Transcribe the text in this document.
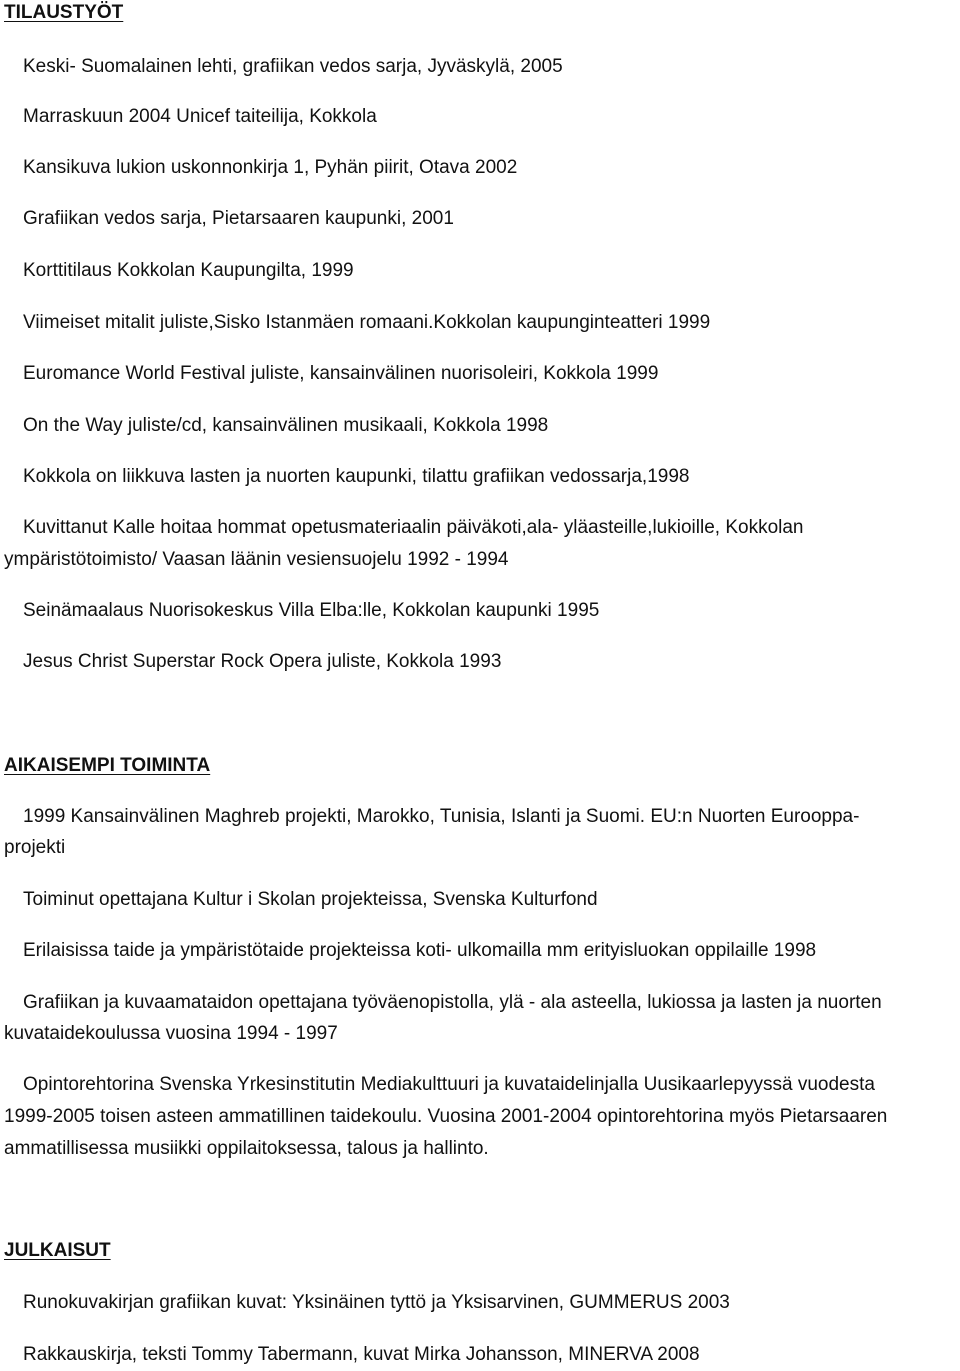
TILAUSTYÖT
Keski- Suomalainen lehti, grafiikan vedos sarja, Jyväskylä, 2005
Marraskuun 2004 Unicef taiteilija, Kokkola
Kansikuva lukion uskonnonkirja 1, Pyhän piirit, Otava 2002
Grafiikan vedos sarja, Pietarsaaren kaupunki, 2001
Korttitilaus Kokkolan Kaupungilta, 1999
Viimeiset mitalit juliste,Sisko Istanmäen romaani.Kokkolan kaupunginteatteri 1999
Euromance World Festival juliste, kansainvälinen nuorisoleiri, Kokkola 1999
On the Way juliste/cd, kansainvälinen musikaali, Kokkola 1998
Kokkola on liikkuva lasten ja nuorten kaupunki, tilattu grafiikan vedossarja,1998
Kuvittanut Kalle hoitaa hommat opetusmateriaalin päiväkoti,ala- yläasteille,lukioille, Kokkolan
ympäristötoimisto/ Vaasan läänin vesiensuojelu 1992 - 1994
Seinämaalaus Nuorisokeskus Villa Elba:lle, Kokkolan kaupunki 1995
Jesus Christ Superstar Rock Opera juliste, Kokkola 1993
AIKAISEMPI TOIMINTA
1999 Kansainvälinen Maghreb projekti, Marokko, Tunisia, Islanti ja Suomi. EU:n Nuorten Eurooppa-
projekti
Toiminut opettajana Kultur i Skolan projekteissa, Svenska Kulturfond
Erilaisissa taide ja ympäristötaide projekteissa koti- ulkomailla mm erityisluokan oppilaille 1998
Grafiikan ja kuvaamataidon opettajana työväenopistolla, ylä - ala asteella, lukiossa ja lasten ja nuorten
kuvataidekoulussa vuosina 1994 - 1997
Opintorehtorina Svenska Yrkesinstitutin Mediakulttuuri ja kuvataidelinjalla Uusikaarlepyyssä vuodesta
1999-2005 toisen asteen ammatillinen taidekoulu. Vuosina 2001-2004 opintorehtorina myös Pietarsaaren
ammatillisessa musiikki oppilaitoksessa, talous ja hallinto.
JULKAISUT
Runokuvakirjan grafiikan kuvat: Yksinäinen tyttö ja Yksisarvinen, GUMMERUS 2003
Rakkauskirja, teksti Tommy Tabermann, kuvat Mirka Johansson, MINERVA 2008
